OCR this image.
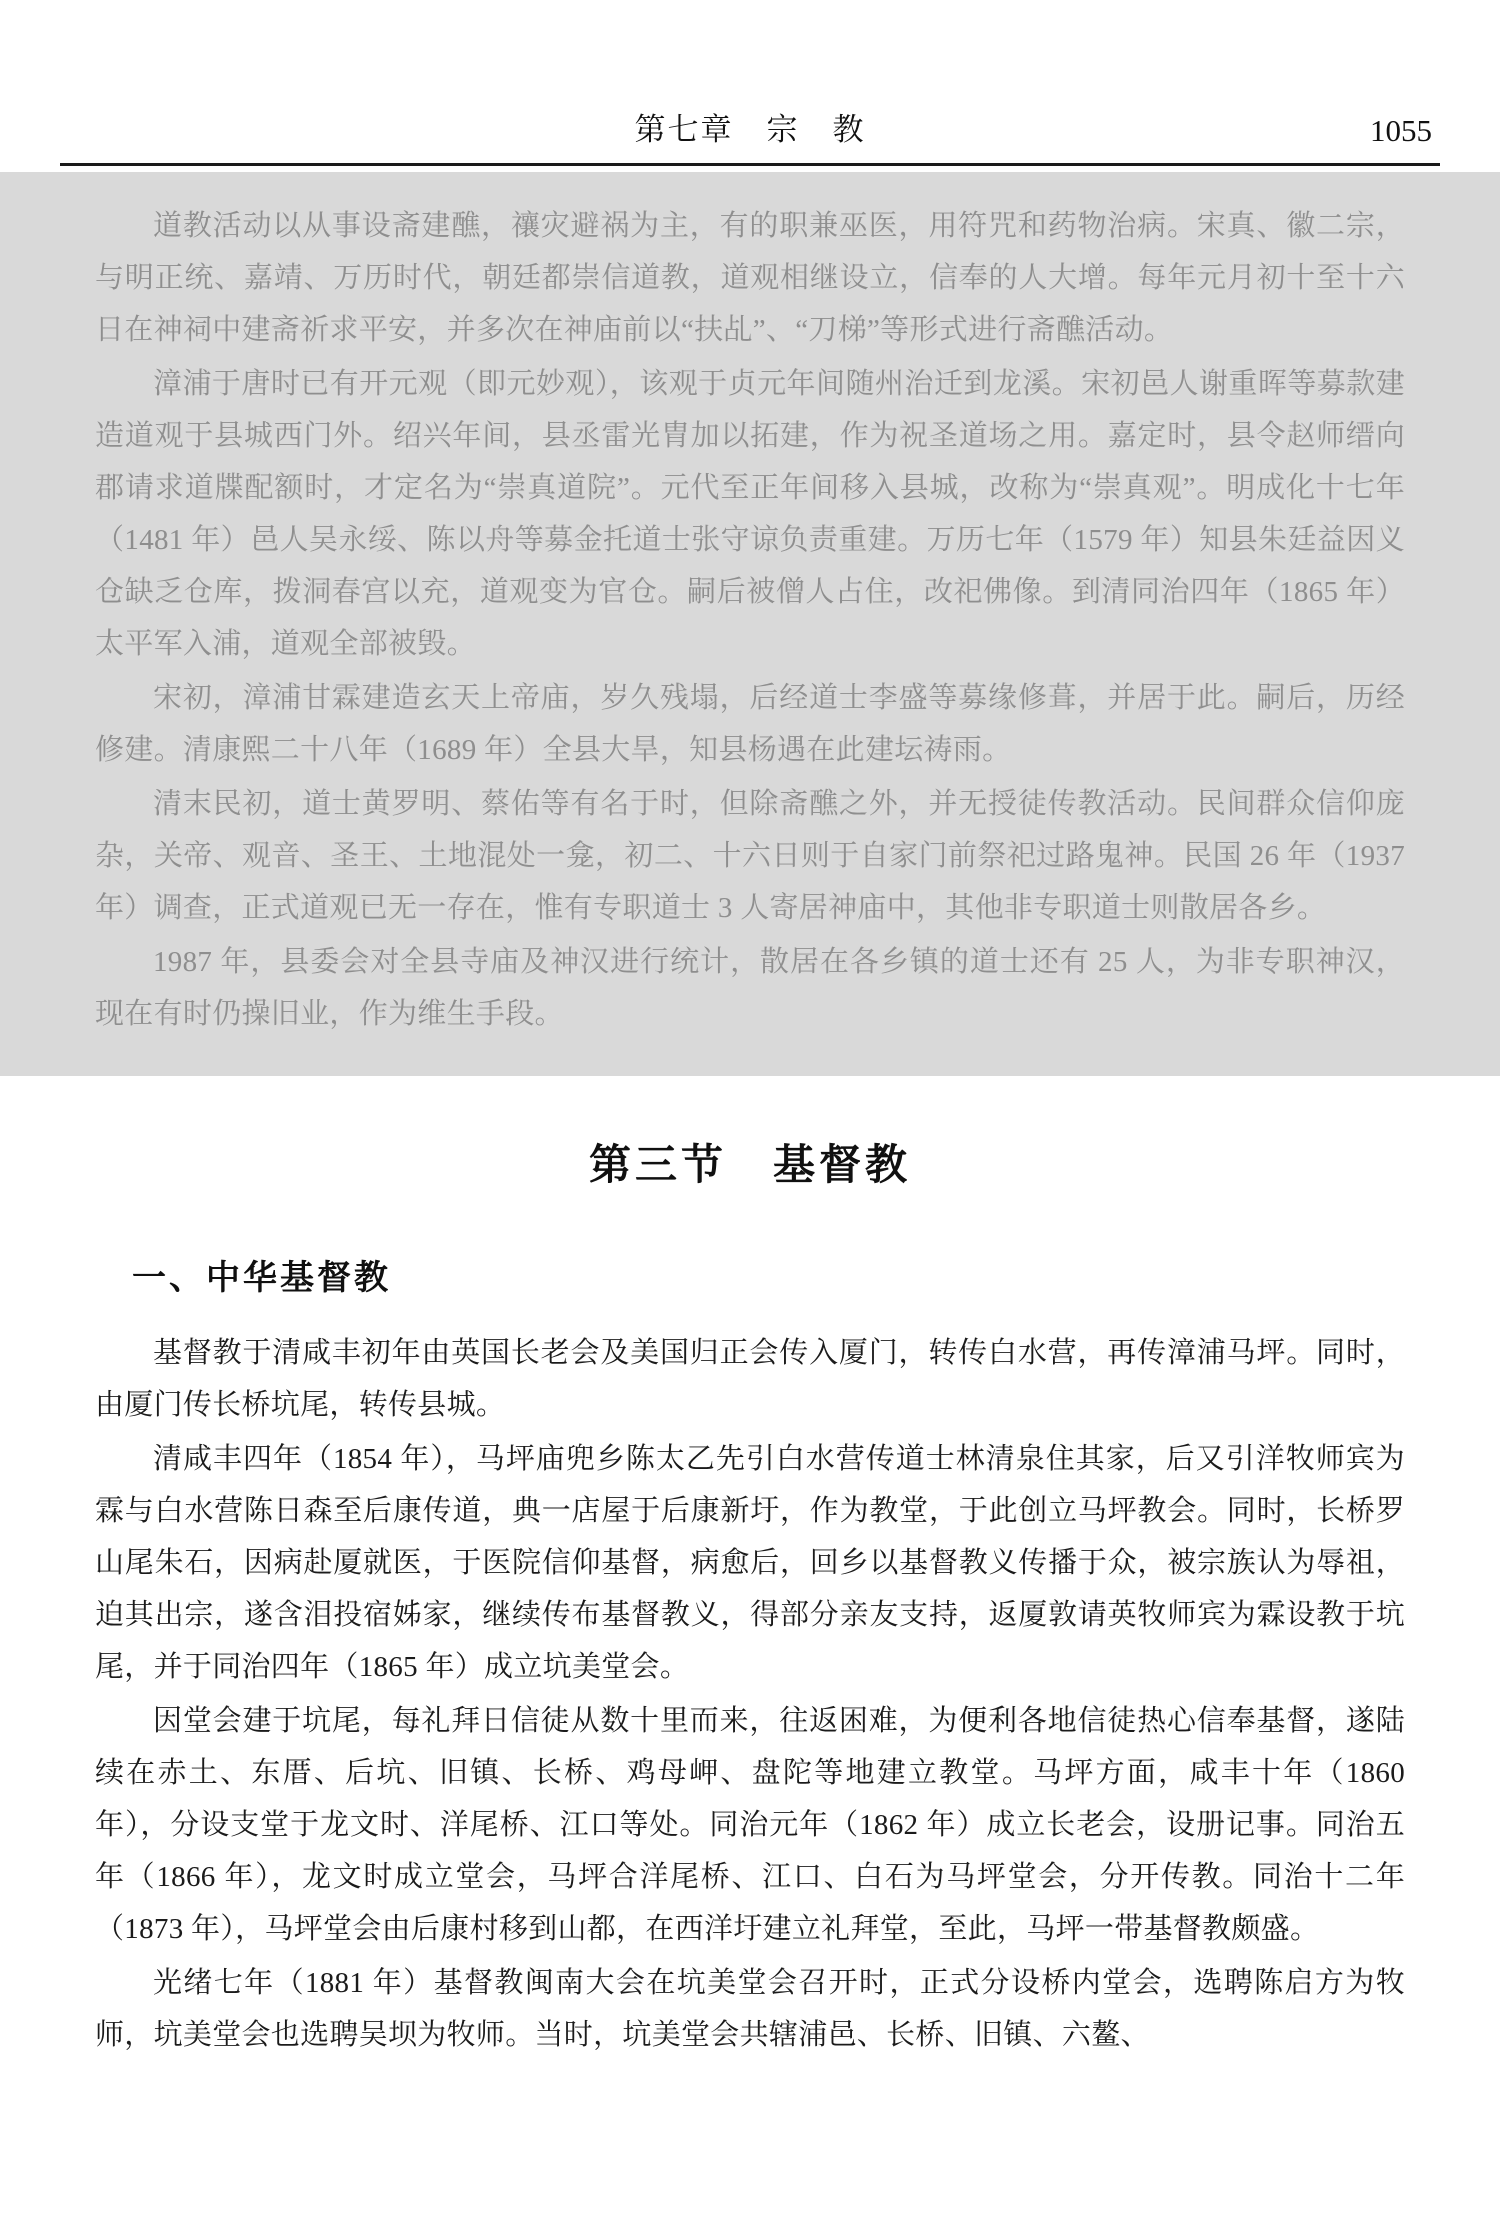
第七章　宗　教	1055

道教活动以从事设斋建醮，禳灾避祸为主，有的职兼巫医，用符咒和药物治病。宋真、徽二宗，与明正统、嘉靖、万历时代，朝廷都崇信道教，道观相继设立，信奉的人大增。每年元月初十至十六日在神祠中建斋祈求平安，并多次在神庙前以“扶乩”、“刀梯”等形式进行斋醮活动。

漳浦于唐时已有开元观（即元妙观），该观于贞元年间随州治迁到龙溪。宋初邑人谢重晖等募款建造道观于县城西门外。绍兴年间，县丞雷光胄加以拓建，作为祝圣道场之用。嘉定时，县令赵师缙向郡请求道牒配额时，才定名为“崇真道院”。元代至正年间移入县城，改称为“崇真观”。明成化十七年（1481 年）邑人吴永绥、陈以舟等募金托道士张守谅负责重建。万历七年（1579 年）知县朱廷益因义仓缺乏仓库，拨洞春宫以充，道观变为官仓。嗣后被僧人占住，改祀佛像。到清同治四年（1865 年）太平军入浦，道观全部被毁。

宋初，漳浦甘霖建造玄天上帝庙，岁久残塌，后经道士李盛等募缘修葺，并居于此。嗣后，历经修建。清康熙二十八年（1689 年）全县大旱，知县杨遇在此建坛祷雨。

清末民初，道士黄罗明、蔡佑等有名于时，但除斋醮之外，并无授徒传教活动。民间群众信仰庞杂，关帝、观音、圣王、土地混处一龛，初二、十六日则于自家门前祭祀过路鬼神。民国 26 年（1937 年）调查，正式道观已无一存在，惟有专职道士 3 人寄居神庙中，其他非专职道士则散居各乡。

1987 年，县委会对全县寺庙及神汉进行统计，散居在各乡镇的道士还有 25 人，为非专职神汉，现在有时仍操旧业，作为维生手段。

第三节　基督教
一、中华基督教

基督教于清咸丰初年由英国长老会及美国归正会传入厦门，转传白水营，再传漳浦马坪。同时，由厦门传长桥坑尾，转传县城。

清咸丰四年（1854 年），马坪庙兜乡陈太乙先引白水营传道士林清泉住其家，后又引洋牧师宾为霖与白水营陈日森至后康传道，典一店屋于后康新圩，作为教堂，于此创立马坪教会。同时，长桥罗山尾朱石，因病赴厦就医，于医院信仰基督，病愈后，回乡以基督教义传播于众，被宗族认为辱祖，迫其出宗，遂含泪投宿姊家，继续传布基督教义，得部分亲友支持，返厦敦请英牧师宾为霖设教于坑尾，并于同治四年（1865 年）成立坑美堂会。

因堂会建于坑尾，每礼拜日信徒从数十里而来，往返困难，为便利各地信徒热心信奉基督，遂陆续在赤土、东厝、后坑、旧镇、长桥、鸡母岬、盘陀等地建立教堂。马坪方面，咸丰十年（1860 年），分设支堂于龙文时、洋尾桥、江口等处。同治元年（1862 年）成立长老会，设册记事。同治五年（1866 年），龙文时成立堂会，马坪合洋尾桥、江口、白石为马坪堂会，分开传教。同治十二年（1873 年），马坪堂会由后康村移到山都，在西洋圩建立礼拜堂，至此，马坪一带基督教颇盛。

光绪七年（1881 年）基督教闽南大会在坑美堂会召开时，正式分设桥内堂会，选聘陈启方为牧师，坑美堂会也选聘吴坝为牧师。当时，坑美堂会共辖浦邑、长桥、旧镇、六鳌、
